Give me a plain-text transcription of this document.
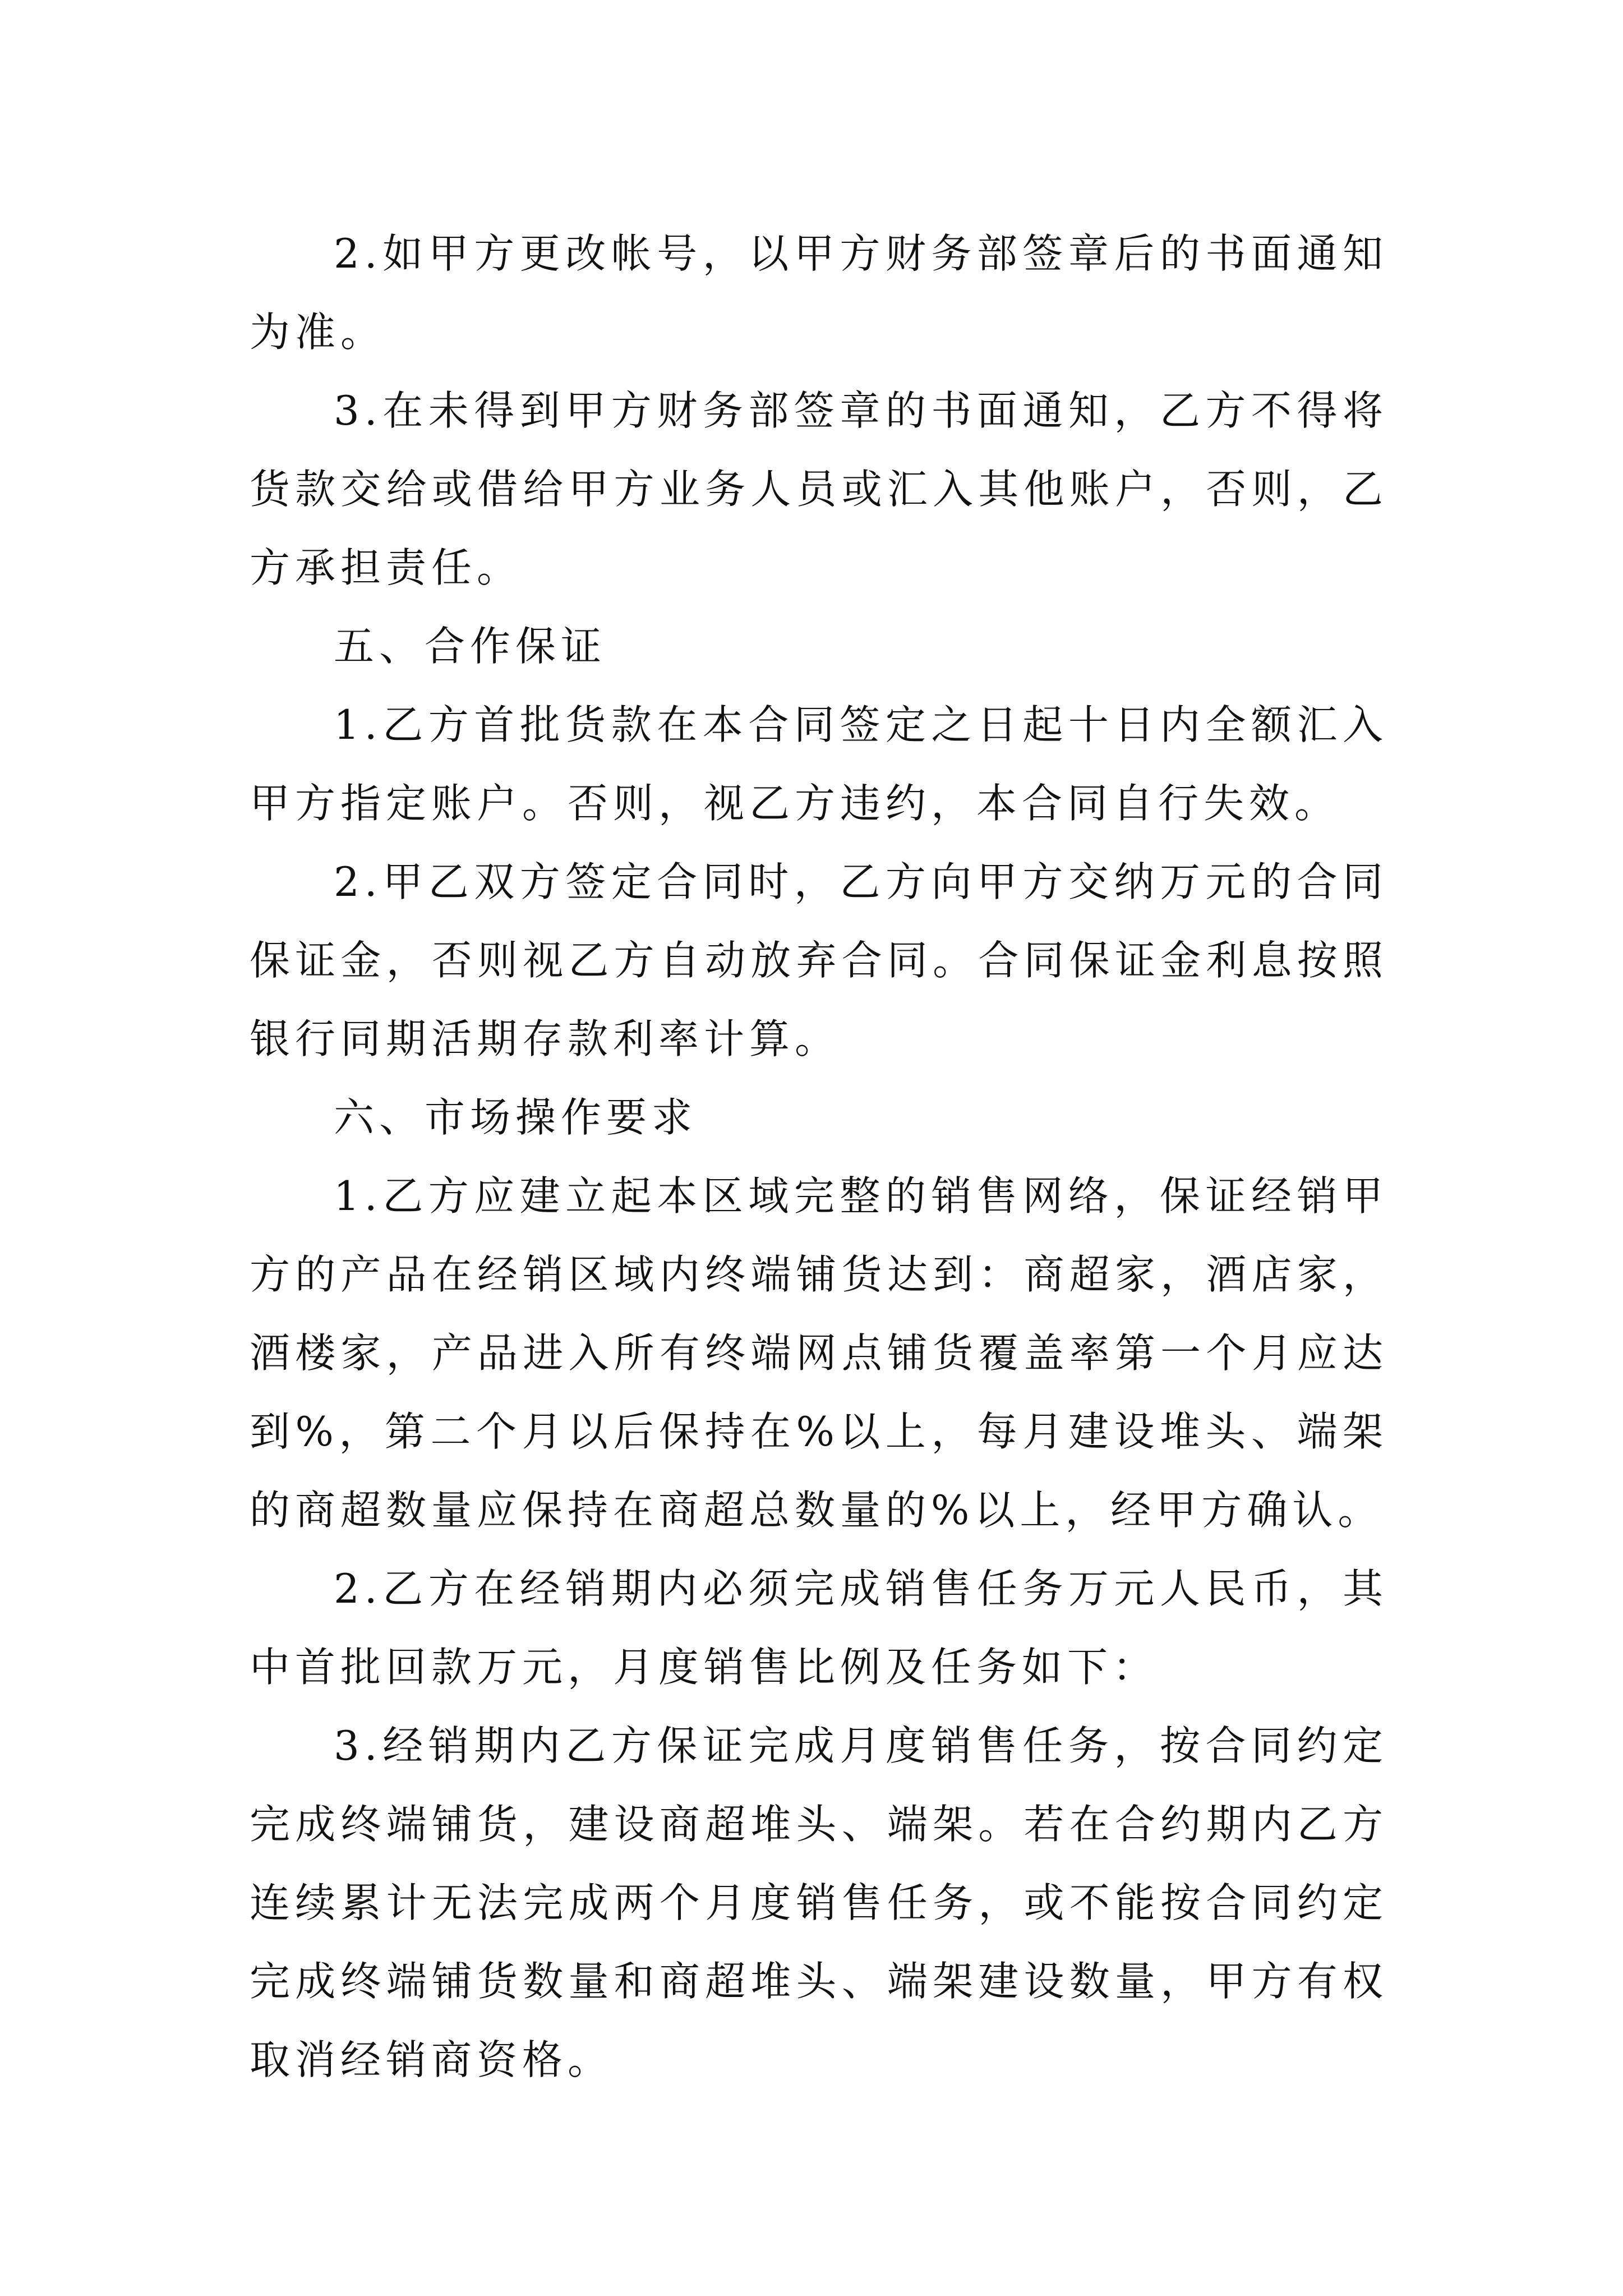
2.如甲方更改帐号，以甲方财务部签章后的书面通知为准。

3.在未得到甲方财务部签章的书面通知，乙方不得将货款交给或借给甲方业务人员或汇入其他账户，否则，乙方承担责任。

五、合作保证

1.乙方首批货款在本合同签定之日起十日内全额汇入甲方指定账户。否则，视乙方违约，本合同自行失效。

2.甲乙双方签定合同时，乙方向甲方交纳万元的合同保证金，否则视乙方自动放弃合同。合同保证金利息按照银行同期活期存款利率计算。

六、市场操作要求

1.乙方应建立起本区域完整的销售网络，保证经销甲方的产品在经销区域内终端铺货达到：商超家，酒店家，酒楼家，产品进入所有终端网点铺货覆盖率第一个月应达到%，第二个月以后保持在%以上，每月建设堆头、端架的商超数量应保持在商超总数量的%以上，经甲方确认。

2.乙方在经销期内必须完成销售任务万元人民币，其中首批回款万元，月度销售比例及任务如下：

3.经销期内乙方保证完成月度销售任务，按合同约定完成终端铺货，建设商超堆头、端架。若在合约期内乙方连续累计无法完成两个月度销售任务，或不能按合同约定完成终端铺货数量和商超堆头、端架建设数量，甲方有权取消经销商资格。
